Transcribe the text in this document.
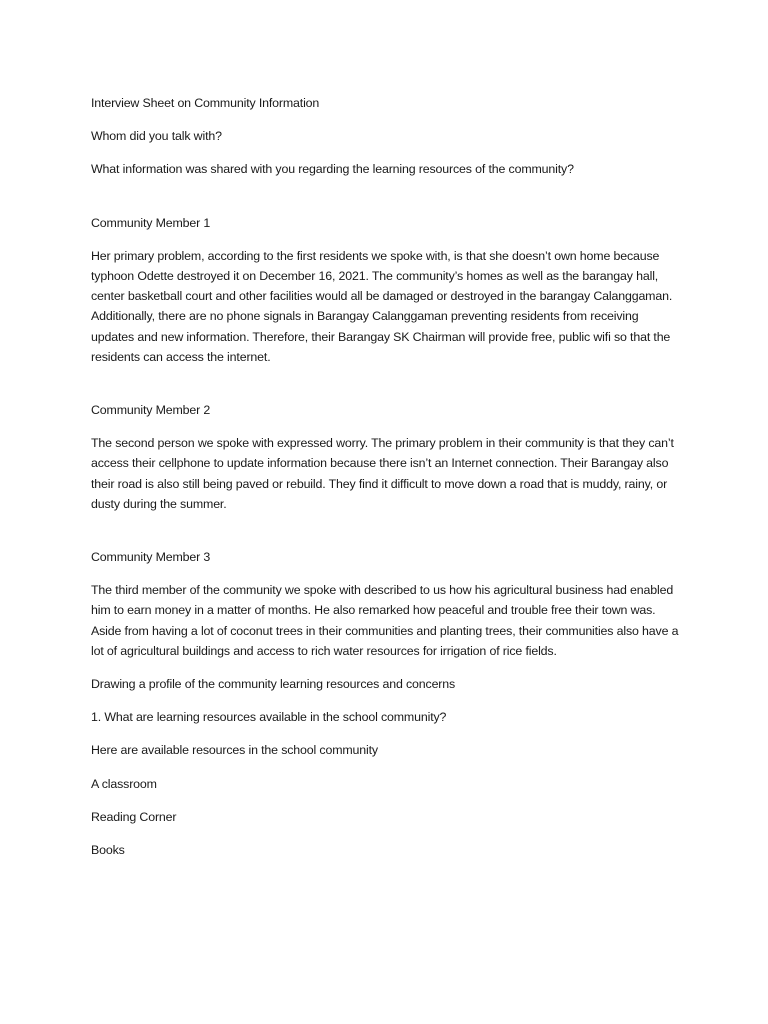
Interview Sheet on Community Information

Whom did you talk with?

What information was shared with you regarding the learning resources of the community?

Community Member 1

Her primary problem, according to the first residents we spoke with, is that she doesn’t own home because typhoon Odette destroyed it on December 16, 2021. The community’s homes as well as the barangay hall, center basketball court and other facilities would all be damaged or destroyed in the barangay Calanggaman. Additionally, there are no phone signals in Barangay Calanggaman preventing residents from receiving updates and new information. Therefore, their Barangay SK Chairman will provide free, public wifi so that the residents can access the internet.

Community Member 2

The second person we spoke with expressed worry. The primary problem in their community is that they can’t access their cellphone to update information because there isn’t an Internet connection. Their Barangay also their road is also still being paved or rebuild. They find it difficult to move down a road that is muddy, rainy, or dusty during the summer.

Community Member 3

The third member of the community we spoke with described to us how his agricultural business had enabled him to earn money in a matter of months. He also remarked how peaceful and trouble free their town was. Aside from having a lot of coconut trees in their communities and planting trees, their communities also have a lot of agricultural buildings and access to rich water resources for irrigation of rice fields.

Drawing a profile of the community learning resources and concerns

1. What are learning resources available in the school community?

Here are available resources in the school community

A classroom

Reading Corner

Books
